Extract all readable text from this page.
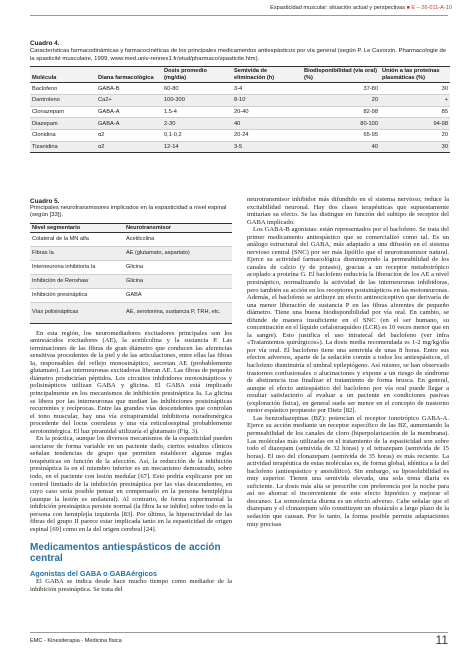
Espasticidad muscular: situación actual y perspectivas ■ E – 26-011-A-10
Cuadro 4.
Características farmacodinámicas y farmacocinéticas de los principales medicamentos antiespásticos por vía general (según P. Le Cavorzin. Pharmacologie de la spasticité musculaire, 1999, www.med.univ-rennes1.fr/etud/pharmaco/spasticite.htm).
Molécula	Diana farmacológica	Dosis promedio (mg/día)	Semivida de eliminación (h)	Biodisponibilidad (vía oral) (%)	Unión a las proteínas plasmáticas (%)
Baclofeno	GABA-B	60-80	3-4	37-80	30
Dantroleno	Ca2+	100-300	8-10	20	+
Clonazepam	GABA-A	1.5-4	20-40	82-98	85
Diazepam	GABA-A	2-30	40	80-100	94-98
Clonidina	α2	0,1-0,2	20-24	65-95	20
Tizanidina	α2	12-14	3-5	40	30
Cuadro 5.
Principales neurotransmisores implicados en la espasticidad a nivel espinal (según [33]).
Nivel segmentario	Neurotransmisor
Colateral de la MN alfa	Acetilcolina
Fibras Ia	AE (glutamato, aspartato)
Interneurona inhibitoria Ia	Glicina
Inhibición de Renshaw	Glicina
Inhibición presináptica	GABA
Vías polisinápticas	AE, serotonina, sustancia P, TRH, etc.

En esta región, los neuromediadores excitadores principales son los aminoácidos excitadores (AE), la acetilcolina y la sustancia P. Las terminaciones de las fibras de gran diámetro que conducen las aferencias sensitivas procedentes de la piel y de las articulaciones, entre ellas las fibras Ia, responsables del reflejo monosináptico, secretan AE (probablemente glutamato). Las interneuronas excitadoras liberan AE. Las fibras de pequeño diámetro producirían péptidos. Los circuitos inhibidores monosinápticos y polisinápticos utilizan GABA y glicina. El GABA está implicado principalmente en los mecanismos de inhibición presináptica Ia. La glicina se libera por las interneuronas que median las inhibiciones postsinápticas recurrentes y recíprocas. Entre las grandes vías descendentes que controlan el tono muscular, hay una vía extrapiramidal inhibitoria noradrenérgica procedente del locus coeruleus y una vía reticuloespinal probablemente serotoninérgica. El haz piramidal utilizaría el glutamato (Fig. 3).

En la práctica, aunque los diversos mecanismos de la espasticidad pueden asociarse de forma variable en un paciente dado, ciertos estudios clínicos señalan tendencias de grupo que permiten establecer algunas reglas terapéuticas en función de la afección. Así, la reducción de la inhibición presináptica Ia en el miembro inferior es un mecanismo demostrado, sobre todo, en el paciente con lesión medular [67]. Esto podría explicarse por un control limitado de la inhibición presináptica por las vías descendentes, en cuyo caso sería posible pensar en compensarlo en la persona hemipléjica (aunque la lesión es unilateral). Al contrario, de forma experimental la inhibición presináptica persiste normal (la fibra Ia se inhibe) sobre todo en la persona con hemiplejía izquierda [83]. Por último, la hiperactividad de las fibras del grupo II parece estar implicada tanto en la espasticidad de origen espinal [69] como en la del origen cerebral [24].

Medicamentos antiespásticos de acción central
Agonistas del GABA o GABAérgicos

El GABA se indica desde hace mucho tiempo como mediador de la inhibición presináptica. Se trata del

neurotransmisor inhibidor más difundido en el sistema nervioso; reduce la excitabilidad neuronal. Hay dos clases terapéuticas que supuestamente imitarían su efecto. Se las distingue en función del subtipo de receptor del GABA implicado.

Los GABA-B agonistas: están representados por el baclofeno. Se trata del primer medicamento antiespástico que se comercializó como tal. Es un análogo estructural del GABA, más adaptado a una difusión en el sistema nervioso central (SNC) por ser más lipófilo que el neurotransmisor natural. Ejerce su actividad farmacológica disminuyendo la permeabilidad de los canales de calcio (y de potasio), gracias a un receptor metabotrópico acoplado a proteína G. El baclofeno reduciría la liberación de los AE a nivel presináptico, normalizando la actividad de las interneuronas inhibidoras, pero también su acción en los receptores postsinápticos en las motoneuronas. Además, el baclofeno se atribuye un efecto antinociceptivo que derivaría de una menor liberación de sustancia P en las fibras aferentes de pequeño diámetro. Tiene una buena biodisponibilidad por vía oral. En cambio, se difunde de manera insuficiente en el SNC (en el ser humano, su concentración en el líquido cefalorraquídeo (LCR) es 10 veces menor que en la sangre). Esto justifica el uso intratecal del baclofeno (ver infra «Tratamientos quirúrgicos»). La dosis media recomendada es 1-2 mg/kg/día por vía oral. El baclofeno tiene una semivida de unas 8 horas. Entre sus efectos adversos, aparte de la sedación común a todos los antiespásticos, el baclofeno disminuiría el umbral epileptógeno. Así mismo, se han observado trastornos confusionales o alucinaciones y expone a un riesgo de síndrome de abstinencia tras finalizar el tratamiento de forma brusca. En general, aunque el efecto antiespástico del baclofeno por vía oral puede llegar a resultar satisfactorio al evaluar a un paciente en condiciones pasivas (exploración física), en general suele ser menor en el concepto de trastorno motor espástico propuesto por Dietz [82].

Las benzodiazepinas (BZ): potencian el receptor ionotrópico GABA-A. Ejerce su acción mediante un receptor específico de las BZ, aumentando la permeabilidad de los canales de cloro (hiperpolarización de la membrana). Las moléculas más utilizadas en el tratamiento de la espasticidad son sobre todo el diazepam (semivida de 32 horas) y el tetrazepam (semivida de 15 horas). El uso del clonazepam (semivida de 35 horas) es más reciente. La actividad terapéutica de estas moléculas es, de forma global, idéntica a la del baclofeno (antiespástico y ansiolítico). Sin embargo, su liposolubilidad es muy superior. Tienen una semivida elevada, una sola toma diaria es suficiente. La dosis más alta se prescribe con preferencia por la noche para así no ahorrar el inconveniente de este efecto hipnótico y mejorar el descanso. La somnolencia diurna es un efecto adverso. Cabe señalar que el diazepam y el clonazepam sólo constituyen un obstáculo a largo plazo de la sedación que causan. Por lo tanto, la forma posible permite adaptaciones muy precisas

EMC - Kinesiterapia - Medicina física	11
